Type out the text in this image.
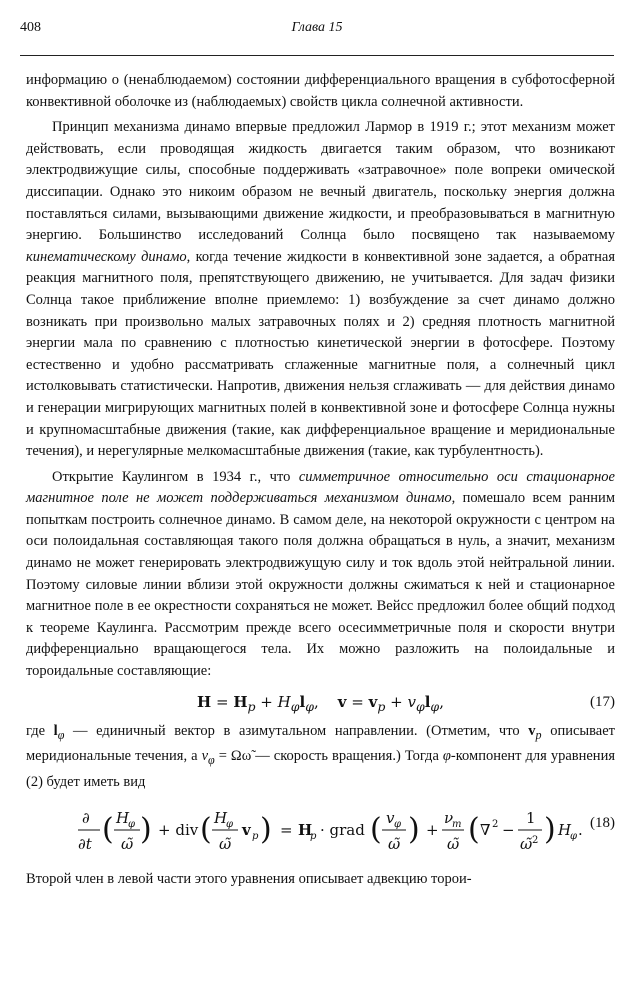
408	Глава 15

информацию о (ненаблюдаемом) состоянии дифференциального вращения в субфотосферной конвективной оболочке из (наблюдаемых) свойств цикла солнечной активности.

Принцип механизма динамо впервые предложил Лармор в 1919 г.; этот механизм может действовать, если проводящая жидкость двигается таким образом, что возникают электродвижущие силы, способные поддерживать «затравочное» поле вопреки омической диссипации. Однако это никоим образом не вечный двигатель, поскольку энергия должна поставляться силами, вызывающими движение жидкости, и преобразовываться в магнитную энергию. Большинство исследований Солнца было посвящено так называемому кинематическому динамо, когда течение жидкости в конвективной зоне задается, а обратная реакция магнитного поля, препятствующего движению, не учитывается. Для задач физики Солнца такое приближение вполне приемлемо: 1) возбуждение за счет динамо должно возникать при произвольно малых затравочных полях и 2) средняя плотность магнитной энергии мала по сравнению с плотностью кинетической энергии в фотосфере. Поэтому естественно и удобно рассматривать сглаженные магнитные поля, а солнечный цикл истолковывать статистически. Напротив, движения нельзя сглаживать — для действия динамо и генерации мигрирующих магнитных полей в конвективной зоне и фотосфере Солнца нужны и крупномасштабные движения (такие, как дифференциальное вращение и меридиональные течения), и нерегулярные мелкомасштабные движения (такие, как турбулентность).

Открытие Каулингом в 1934 г., что симметричное относительно оси стационарное магнитное поле не может поддерживаться механизмом динамо, помешало всем ранним попыткам построить солнечное динамо. В самом деле, на некоторой окружности с центром на оси полоидальная составляющая такого поля должна обращаться в нуль, а значит, механизм динамо не может генерировать электродвижущую силу и ток вдоль этой нейтральной линии. Поэтому силовые линии вблизи этой окружности должны сжиматься к ней и стационарное магнитное поле в ее окрестности сохраняться не может. Вейсс предложил более общий подход к теореме Каулинга. Рассмотрим прежде всего осесимметричные поля и скорости внутри дифференциально вращающегося тела. Их можно разложить на полоидальные и тороидальные составляющие:

$H = H_p + H_\varphi l_\varphi$,    $v = v_p + v_\varphi l_\varphi$,	(17)

где $l_\varphi$ — единичный вектор в азимутальном направлении. (Отметим, что $v_p$ описывает меридиональные течения, а $v_\varphi$ = Ωω̃ — скорость вращения.) Тогда φ-компонент для уравнения (2) будет иметь вид

∂
∂t ( H
φ
ω̃ ) + div ( H
φ
ω̃
v p ) = H
p · grad ( v φ
ω̃ ) +
ν
m
ω̃ ( ∇ 2 −
1
ω̃ 2 ) H
φ . (18)

Второй член в левой части этого уравнения описывает адвекцию торои-
